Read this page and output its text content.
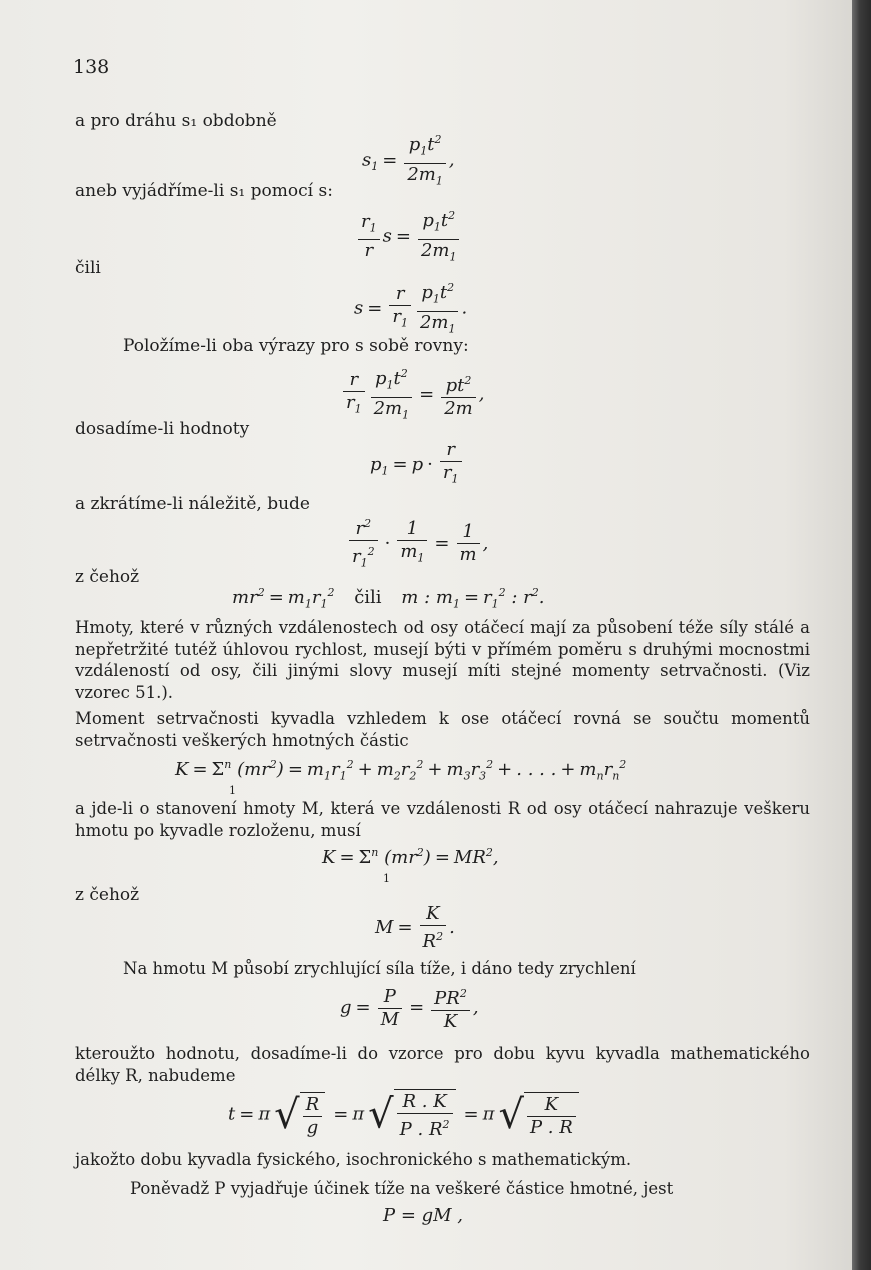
138
a pro dráhu s₁ obdobně
$s_1 = \frac{p_1t^2}{2m_1}$ ,
aneb vyjádříme-li s₁ pomocí s:
$\frac{r_1}{r}$ $s = \frac{p_1t^2}{2m_1}$
čili
$s = \frac{r}{r_1} \frac{p_1t^2}{2m_1}$ .
Položíme-li oba výrazy pro s sobě rovny:
$\frac{r}{r_1} \frac{p_1t^2}{2m_1} = \frac{pt^2}{2m}$ ,
dosadíme-li hodnoty
$p_1 = p \cdot \frac{r}{r_1}$
a zkrátíme-li náležitě, bude
$\frac{r^2}{r_1^2} \cdot \frac{1}{m_1} = \frac{1}{m}$ ,
z čehož
$mr^2 = m_1r_1^2$ čili m : $m_1 = r_1^2$ : $r^2$.
Hmoty, které v různých vzdálenostech od osy otáčecí mají za působení téže síly stálé a nepřetržité tutéž úhlovou rychlost, musejí býti v přímém poměru s druhými mocnostmi vzdáleností od osy, čili jinými slovy musejí míti stejné momenty setrvačnosti. (Viz vzorec 51.).
Moment setrvačnosti kyvadla vzhledem k ose otáčecí rovná se součtu momentů setrvačnosti veškerých hmotných částic
$K = \Sigma^n$ $(mr^2) = m_1r_1^2 + m_2r_2^2 + m_3r_3^2$ + . . . . + $m_nr_n^2$
1
a jde-li o stanovení hmoty M, která ve vzdálenosti R od osy otáčecí nahrazuje veškeru hmotu po kyvadle rozloženu, musí
$K = \Sigma^n$ $(mr^2) = MR^2$,
1
z čehož
$M = \frac{K}{R^2}$ .
Na hmotu M působí zrychlující síla tíže, i dáno tedy zrychlení
$g = \frac{P}{M} = \frac{PR^2}{K}$ ,
kteroužto hodnotu, dosadíme-li do vzorce pro dobu kyvu kyvadla mathematického délky R, nabudeme
t = π √ $\frac{R}{g} = \pi$ √ $\frac{R . K}{P . R^2} = \pi$ √ $\frac{K}{P . R}$
jakožto dobu kyvadla fysického, isochronického s mathematickým.
Poněvadž P vyjadřuje účinek tíže na veškeré částice hmotné, jest
P = gM ,
